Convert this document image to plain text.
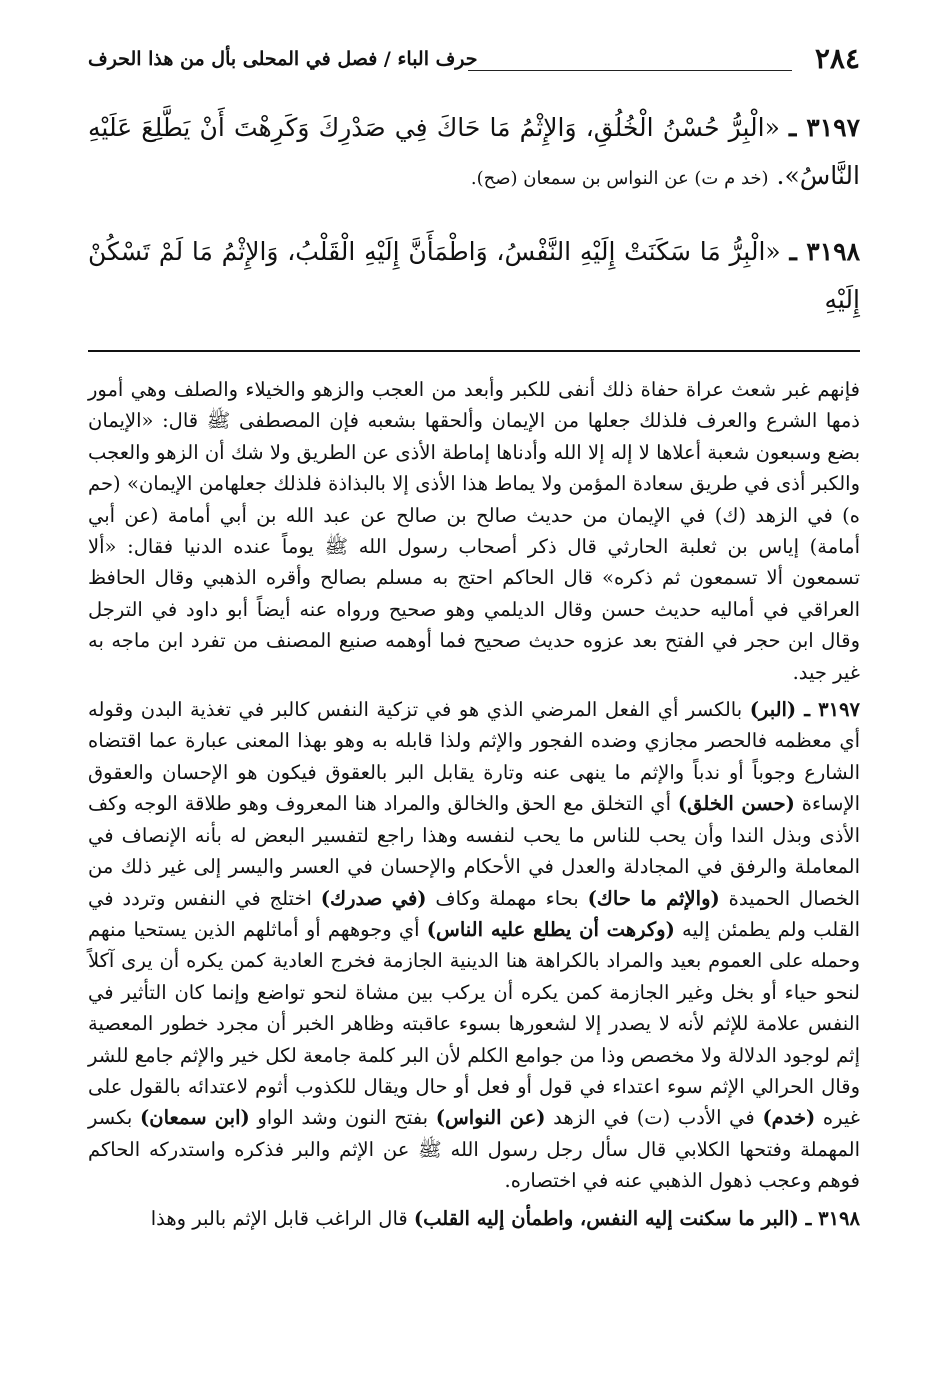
٢٨٤
حرف الباء / فصل في المحلى بأل من هذا الحرف

٣١٩٧ ـ «الْبِرُّ حُسْنُ الْخُلُقِ، وَالإِثْمُ مَا حَاكَ فِي صَدْرِكَ وَكَرِهْتَ أَنْ يَطَّلِعَ عَلَيْهِ النَّاسُ». (خد م ت) عن النواس بن سمعان (صح).

٣١٩٨ ـ «الْبِرُّ مَا سَكَنَتْ إِلَيْهِ النَّفْسُ، وَاطْمَأَنَّ إِلَيْهِ الْقَلْبُ، وَالإِثْمُ مَا لَمْ تَسْكُنْ إِلَيْهِ

فإنهم غبر شعث عراة حفاة ذلك أنفى للكبر وأبعد من العجب والزهو والخيلاء والصلف وهي أمور ذمها الشرع والعرف فلذلك جعلها من الإيمان وألحقها بشعبه فإن المصطفى ﷺ قال: «الإيمان بضع وسبعون شعبة أعلاها لا إله إلا الله وأدناها إماطة الأذى عن الطريق ولا شك أن الزهو والعجب والكبر أذى في طريق سعادة المؤمن ولا يماط هذا الأذى إلا بالبذاذة فلذلك جعلهامن الإيمان» (حم ه) في الزهد (ك) في الإيمان من حديث صالح بن صالح عن عبد الله بن أبي أمامة (عن أبي أمامة) إياس بن ثعلبة الحارثي قال ذكر أصحاب رسول الله ﷺ يوماً عنده الدنيا فقال: «ألا تسمعون ألا تسمعون ثم ذكره» قال الحاكم احتج به مسلم بصالح وأقره الذهبي وقال الحافظ العراقي في أماليه حديث حسن وقال الديلمي وهو صحيح ورواه عنه أيضاً أبو داود في الترجل وقال ابن حجر في الفتح بعد عزوه حديث صحيح فما أوهمه صنيع المصنف من تفرد ابن ماجه به غير جيد.

٣١٩٧ ـ (البر) بالكسر أي الفعل المرضي الذي هو في تزكية النفس كالبر في تغذية البدن وقوله أي معظمه فالحصر مجازي وضده الفجور والإثم ولذا قابله به وهو بهذا المعنى عبارة عما اقتضاه الشارع وجوباً أو ندباً والإثم ما ينهى عنه وتارة يقابل البر بالعقوق فيكون هو الإحسان والعقوق الإساءة (حسن الخلق) أي التخلق مع الحق والخالق والمراد هنا المعروف وهو طلاقة الوجه وكف الأذى وبذل الندا وأن يحب للناس ما يحب لنفسه وهذا راجع لتفسير البعض له بأنه الإنصاف في المعاملة والرفق في المجادلة والعدل في الأحكام والإحسان في العسر واليسر إلى غير ذلك من الخصال الحميدة (والإثم ما حاك) بحاء مهملة وكاف (في صدرك) اختلج في النفس وتردد في القلب ولم يطمئن إليه (وكرهت أن يطلع عليه الناس) أي وجوههم أو أماثلهم الذين يستحيا منهم وحمله على العموم بعيد والمراد بالكراهة هنا الدينية الجازمة فخرج العادية كمن يكره أن يرى آكلاً لنحو حياء أو بخل وغير الجازمة كمن يكره أن يركب بين مشاة لنحو تواضع وإنما كان التأثير في النفس علامة للإثم لأنه لا يصدر إلا لشعورها بسوء عاقبته وظاهر الخبر أن مجرد خطور المعصية إثم لوجود الدلالة ولا مخصص وذا من جوامع الكلم لأن البر كلمة جامعة لكل خير والإثم جامع للشر وقال الحرالي الإثم سوء اعتداء في قول أو فعل أو حال ويقال للكذوب أثوم لاعتدائه بالقول على غيره (خدم) في الأدب (ت) في الزهد (عن النواس) بفتح النون وشد الواو (ابن سمعان) بكسر المهملة وفتحها الكلابي قال سأل رجل رسول الله ﷺ عن الإثم والبر فذكره واستدركه الحاكم فوهم وعجب ذهول الذهبي عنه في اختصاره.

٣١٩٨ ـ (البر ما سكنت إليه النفس، واطمأن إليه القلب) قال الراغب قابل الإثم بالبر وهذا
